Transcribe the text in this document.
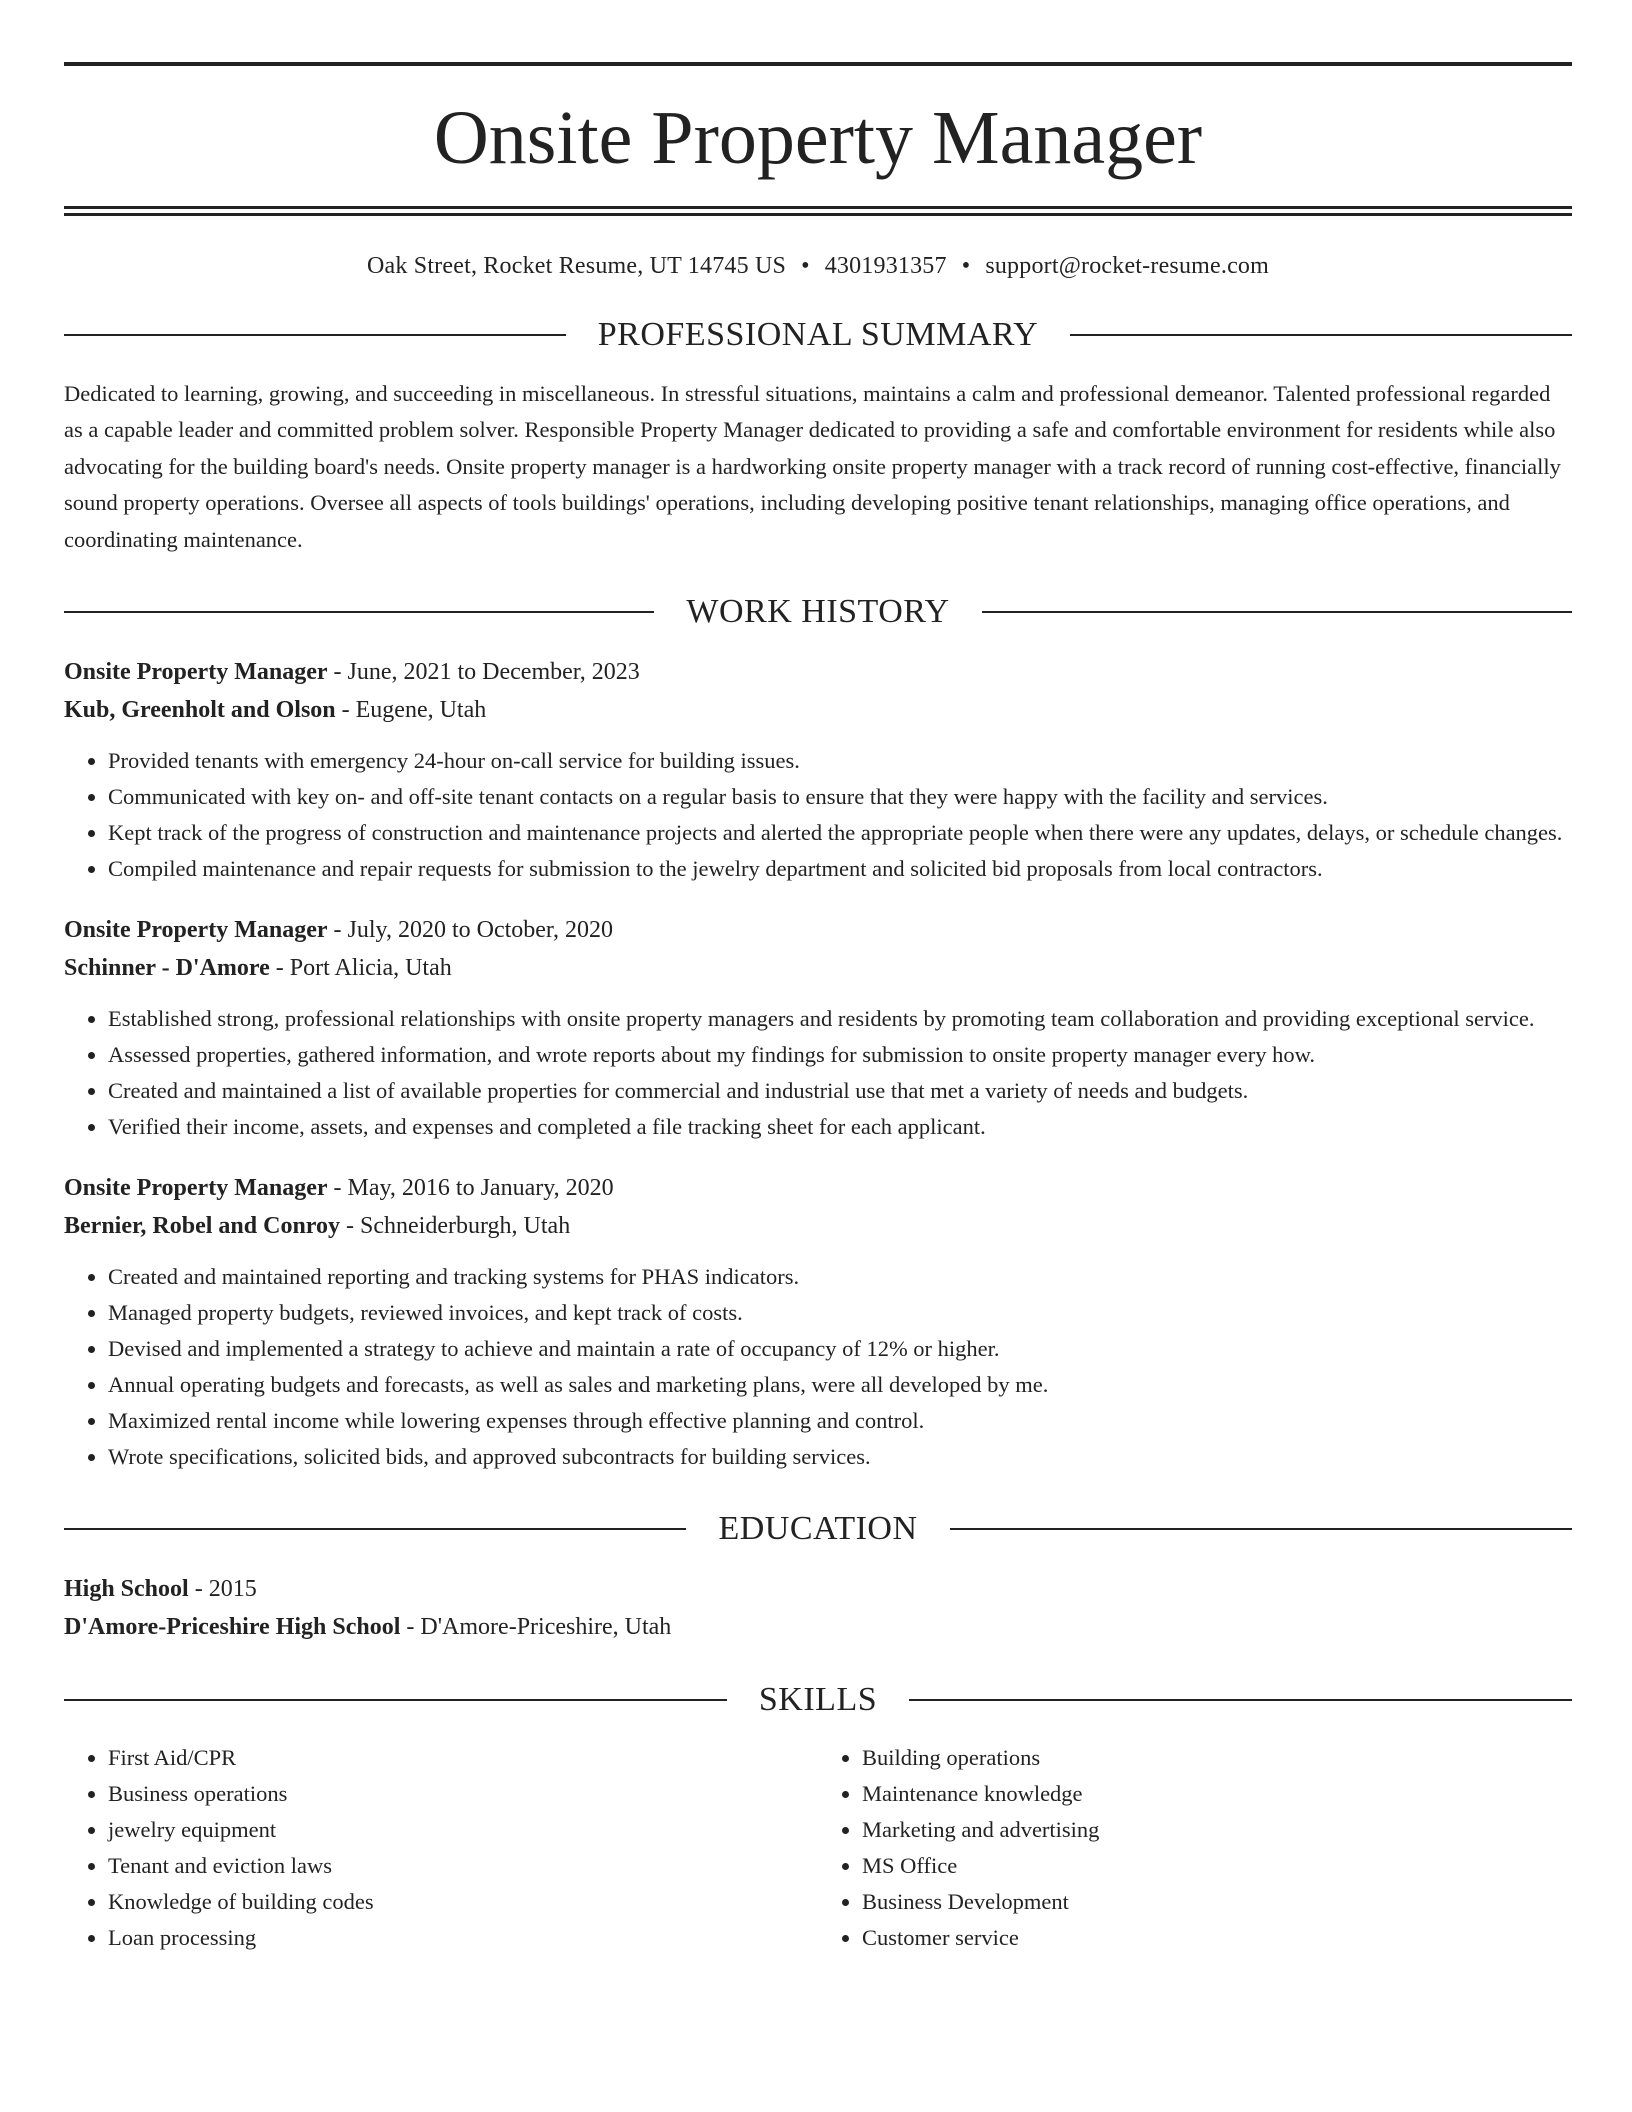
Onsite Property Manager
Oak Street, Rocket Resume, UT 14745 US • 4301931357 • support@rocket-resume.com
PROFESSIONAL SUMMARY

Dedicated to learning, growing, and succeeding in miscellaneous. In stressful situations, maintains a calm and professional demeanor. Talented professional regarded as a capable leader and committed problem solver. Responsible Property Manager dedicated to providing a safe and comfortable environment for residents while also advocating for the building board's needs. Onsite property manager is a hardworking onsite property manager with a track record of running cost-effective, financially sound property operations. Oversee all aspects of tools buildings' operations, including developing positive tenant relationships, managing office operations, and coordinating maintenance.

WORK HISTORY
Onsite Property Manager - June, 2021 to December, 2023
Kub, Greenholt and Olson - Eugene, Utah
• Provided tenants with emergency 24-hour on-call service for building issues.
• Communicated with key on- and off-site tenant contacts on a regular basis to ensure that they were happy with the facility and services.
• Kept track of the progress of construction and maintenance projects and alerted the appropriate people when there were any updates, delays, or schedule changes.
• Compiled maintenance and repair requests for submission to the jewelry department and solicited bid proposals from local contractors.
Onsite Property Manager - July, 2020 to October, 2020
Schinner - D'Amore - Port Alicia, Utah
• Established strong, professional relationships with onsite property managers and residents by promoting team collaboration and providing exceptional service.
• Assessed properties, gathered information, and wrote reports about my findings for submission to onsite property manager every how.
• Created and maintained a list of available properties for commercial and industrial use that met a variety of needs and budgets.
• Verified their income, assets, and expenses and completed a file tracking sheet for each applicant.
Onsite Property Manager - May, 2016 to January, 2020
Bernier, Robel and Conroy - Schneiderburgh, Utah
• Created and maintained reporting and tracking systems for PHAS indicators.
• Managed property budgets, reviewed invoices, and kept track of costs.
• Devised and implemented a strategy to achieve and maintain a rate of occupancy of 12% or higher.
• Annual operating budgets and forecasts, as well as sales and marketing plans, were all developed by me.
• Maximized rental income while lowering expenses through effective planning and control.
• Wrote specifications, solicited bids, and approved subcontracts for building services.
EDUCATION
High School - 2015
D'Amore-Priceshire High School - D'Amore-Priceshire, Utah
SKILLS
• First Aid/CPR
• Business operations
• jewelry equipment
• Tenant and eviction laws
• Knowledge of building codes
• Loan processing
• Building operations
• Maintenance knowledge
• Marketing and advertising
• MS Office
• Business Development
• Customer service
